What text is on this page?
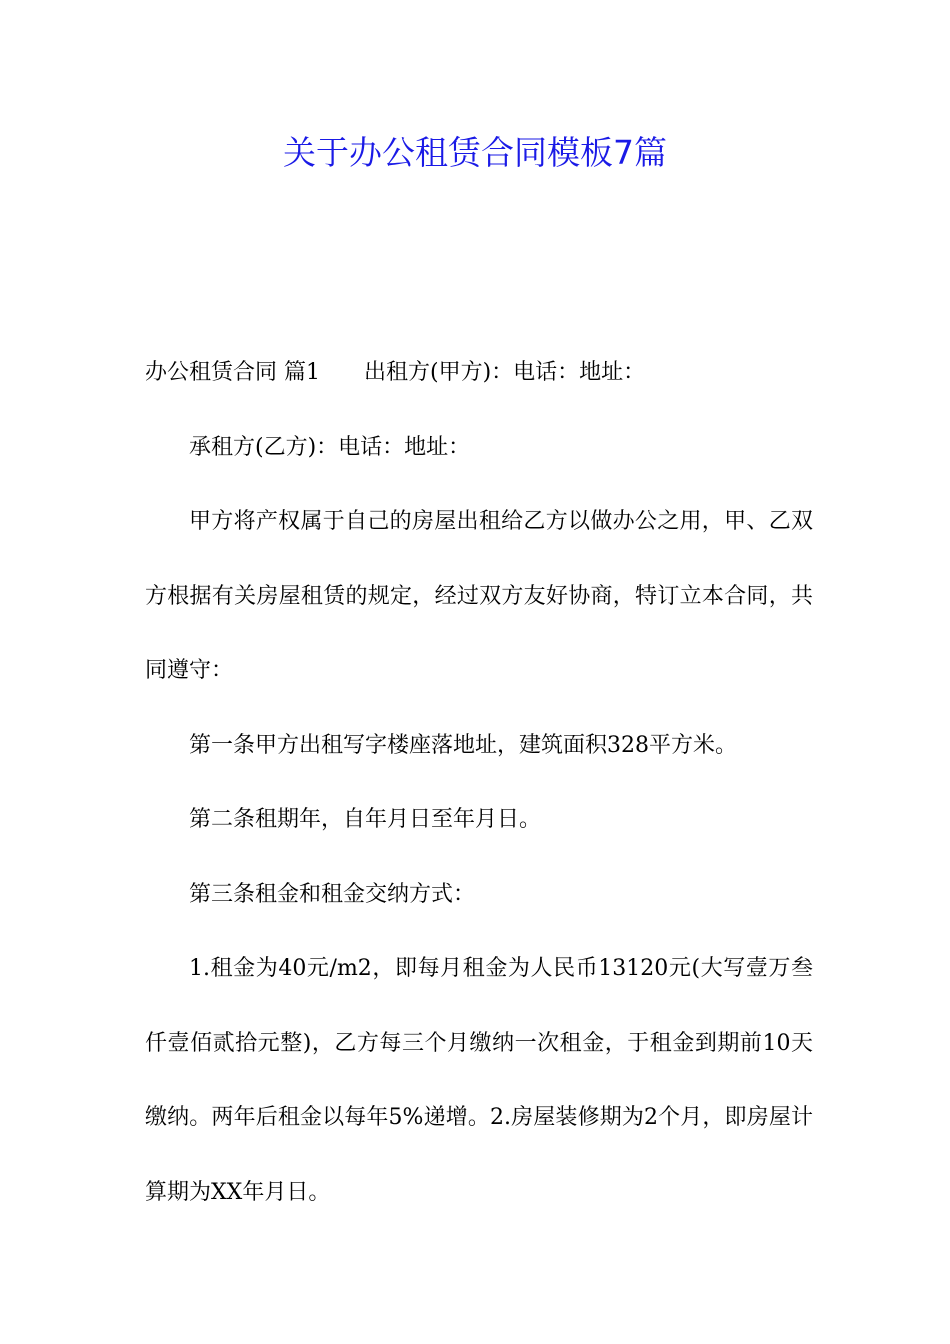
关于办公租赁合同模板7篇

办公租赁合同 篇1 出租方(甲方)：电话：地址：

承租方(乙方)：电话：地址：

甲方将产权属于自己的房屋出租给乙方以做办公之用，甲、乙双方根据有关房屋租赁的规定，经过双方友好协商，特订立本合同，共同遵守：

第一条甲方出租写字楼座落地址，建筑面积328平方米。

第二条租期年，自年月日至年月日。

第三条租金和租金交纳方式：

1.租金为40元/m2，即每月租金为人民币13120元(大写壹万叁仟壹佰贰拾元整)，乙方每三个月缴纳一次租金，于租金到期前10天缴纳。两年后租金以每年5%递增。2.房屋装修期为2个月，即房屋计算期为XX年月日。
